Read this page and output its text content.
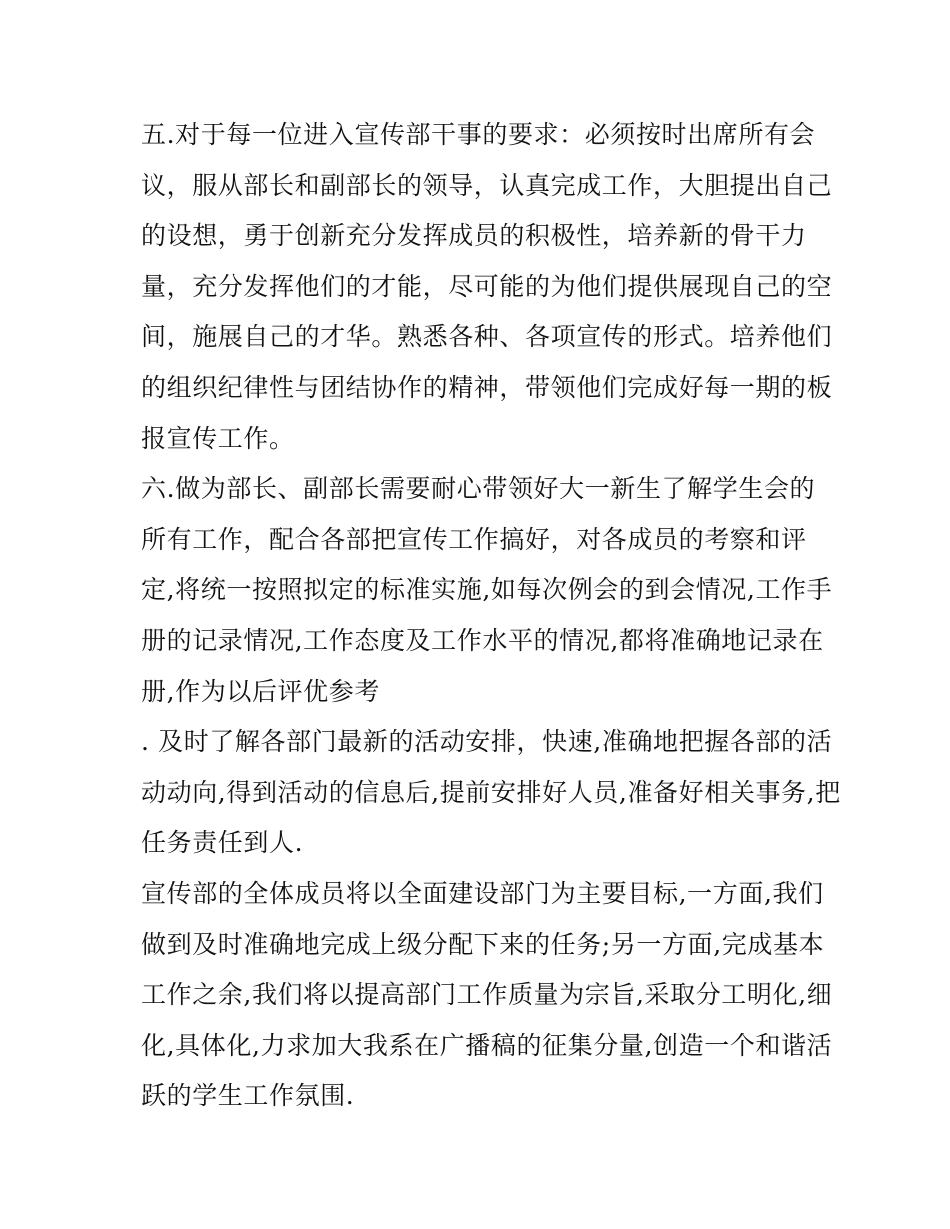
五.对于每一位进入宣传部干事的要求：必须按时出席所有会
议，服从部长和副部长的领导，认真完成工作，大胆提出自己
的设想，勇于创新充分发挥成员的积极性，培养新的骨干力
量，充分发挥他们的才能，尽可能的为他们提供展现自己的空
间，施展自己的才华。熟悉各种、各项宣传的形式。培养他们
的组织纪律性与团结协作的精神，带领他们完成好每一期的板
报宣传工作。
六.做为部长、副部长需要耐心带领好大一新生了解学生会的
所有工作，配合各部把宣传工作搞好，对各成员的考察和评
定,将统一按照拟定的标准实施,如每次例会的到会情况,工作手
册的记录情况,工作态度及工作水平的情况,都将准确地记录在
册,作为以后评优参考
. 及时了解各部门最新的活动安排，快速,准确地把握各部的活
动动向,得到活动的信息后,提前安排好人员,准备好相关事务,把
任务责任到人.
宣传部的全体成员将以全面建设部门为主要目标,一方面,我们
做到及时准确地完成上级分配下来的任务;另一方面,完成基本
工作之余,我们将以提高部门工作质量为宗旨,采取分工明化,细
化,具体化,力求加大我系在广播稿的征集分量,创造一个和谐活
跃的学生工作氛围.
